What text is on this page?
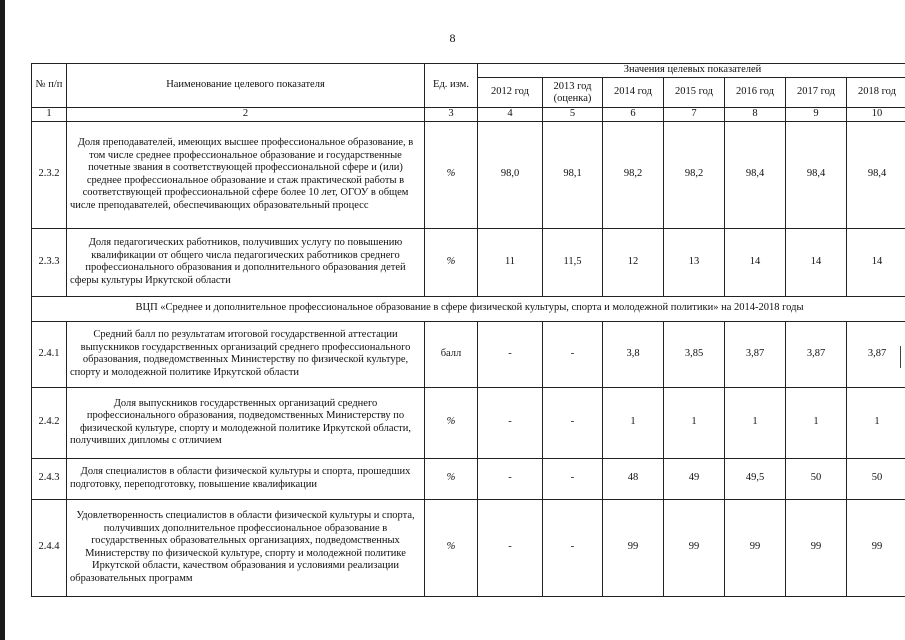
8
№ п/п	Наименование целевого показателя	Ед. изм.	Значения целевых показателей						
			2012 год	2013 год (оценка)	2014 год	2015 год	2016 год	2017 год	2018 год
1	2	3	4	5	6	7	8	9	10
2.3.2	Доля преподавателей, имеющих высшее профессиональное образование, в том числе среднее профессиональное образование и государственные почетные звания в соответствующей профессиональной сфере и (или) среднее профессиональное образование и стаж практической работы в соответствующей профессиональной сфере более 10 лет, ОГОУ в общем числе преподавателей, обеспечивающих образовательный процесс	%	98,0	98,1	98,2	98,2	98,4	98,4	98,4
2.3.3	Доля педагогических работников, получивших услугу по повышению квалификации от общего числа педагогических работников среднего профессионального образования и дополнительного образования детей сферы культуры Иркутской области	%	11	11,5	12	13	14	14	14
ВЦП «Среднее и дополнительное профессиональное образование в сфере физической культуры, спорта и молодежной политики» на 2014-2018 годы									
2.4.1	Средний балл по результатам итоговой государственной аттестации выпускников государственных организаций среднего профессионального образования, подведомственных Министерству по физической культуре, спорту и молодежной политике Иркутской области	балл	-	-	3,8	3,85	3,87	3,87	3,87
2.4.2	Доля выпускников государственных организаций среднего профессионального образования, подведомственных Министерству по физической культуре, спорту и молодежной политике Иркутской области, получивших дипломы с отличием	%	-	-	1	1	1	1	1
2.4.3	Доля специалистов в области физической культуры и спорта, прошедших подготовку, переподготовку, повышение квалификации	%	-	-	48	49	49,5	50	50
2.4.4	Удовлетворенность специалистов в области физической культуры и спорта, получивших дополнительное профессиональное образование в государственных образовательных организациях, подведомственных Министерству по физической культуре, спорту и молодежной политике Иркутской области, качеством образования и условиями реализации образовательных программ	%	-	-	99	99	99	99	99
